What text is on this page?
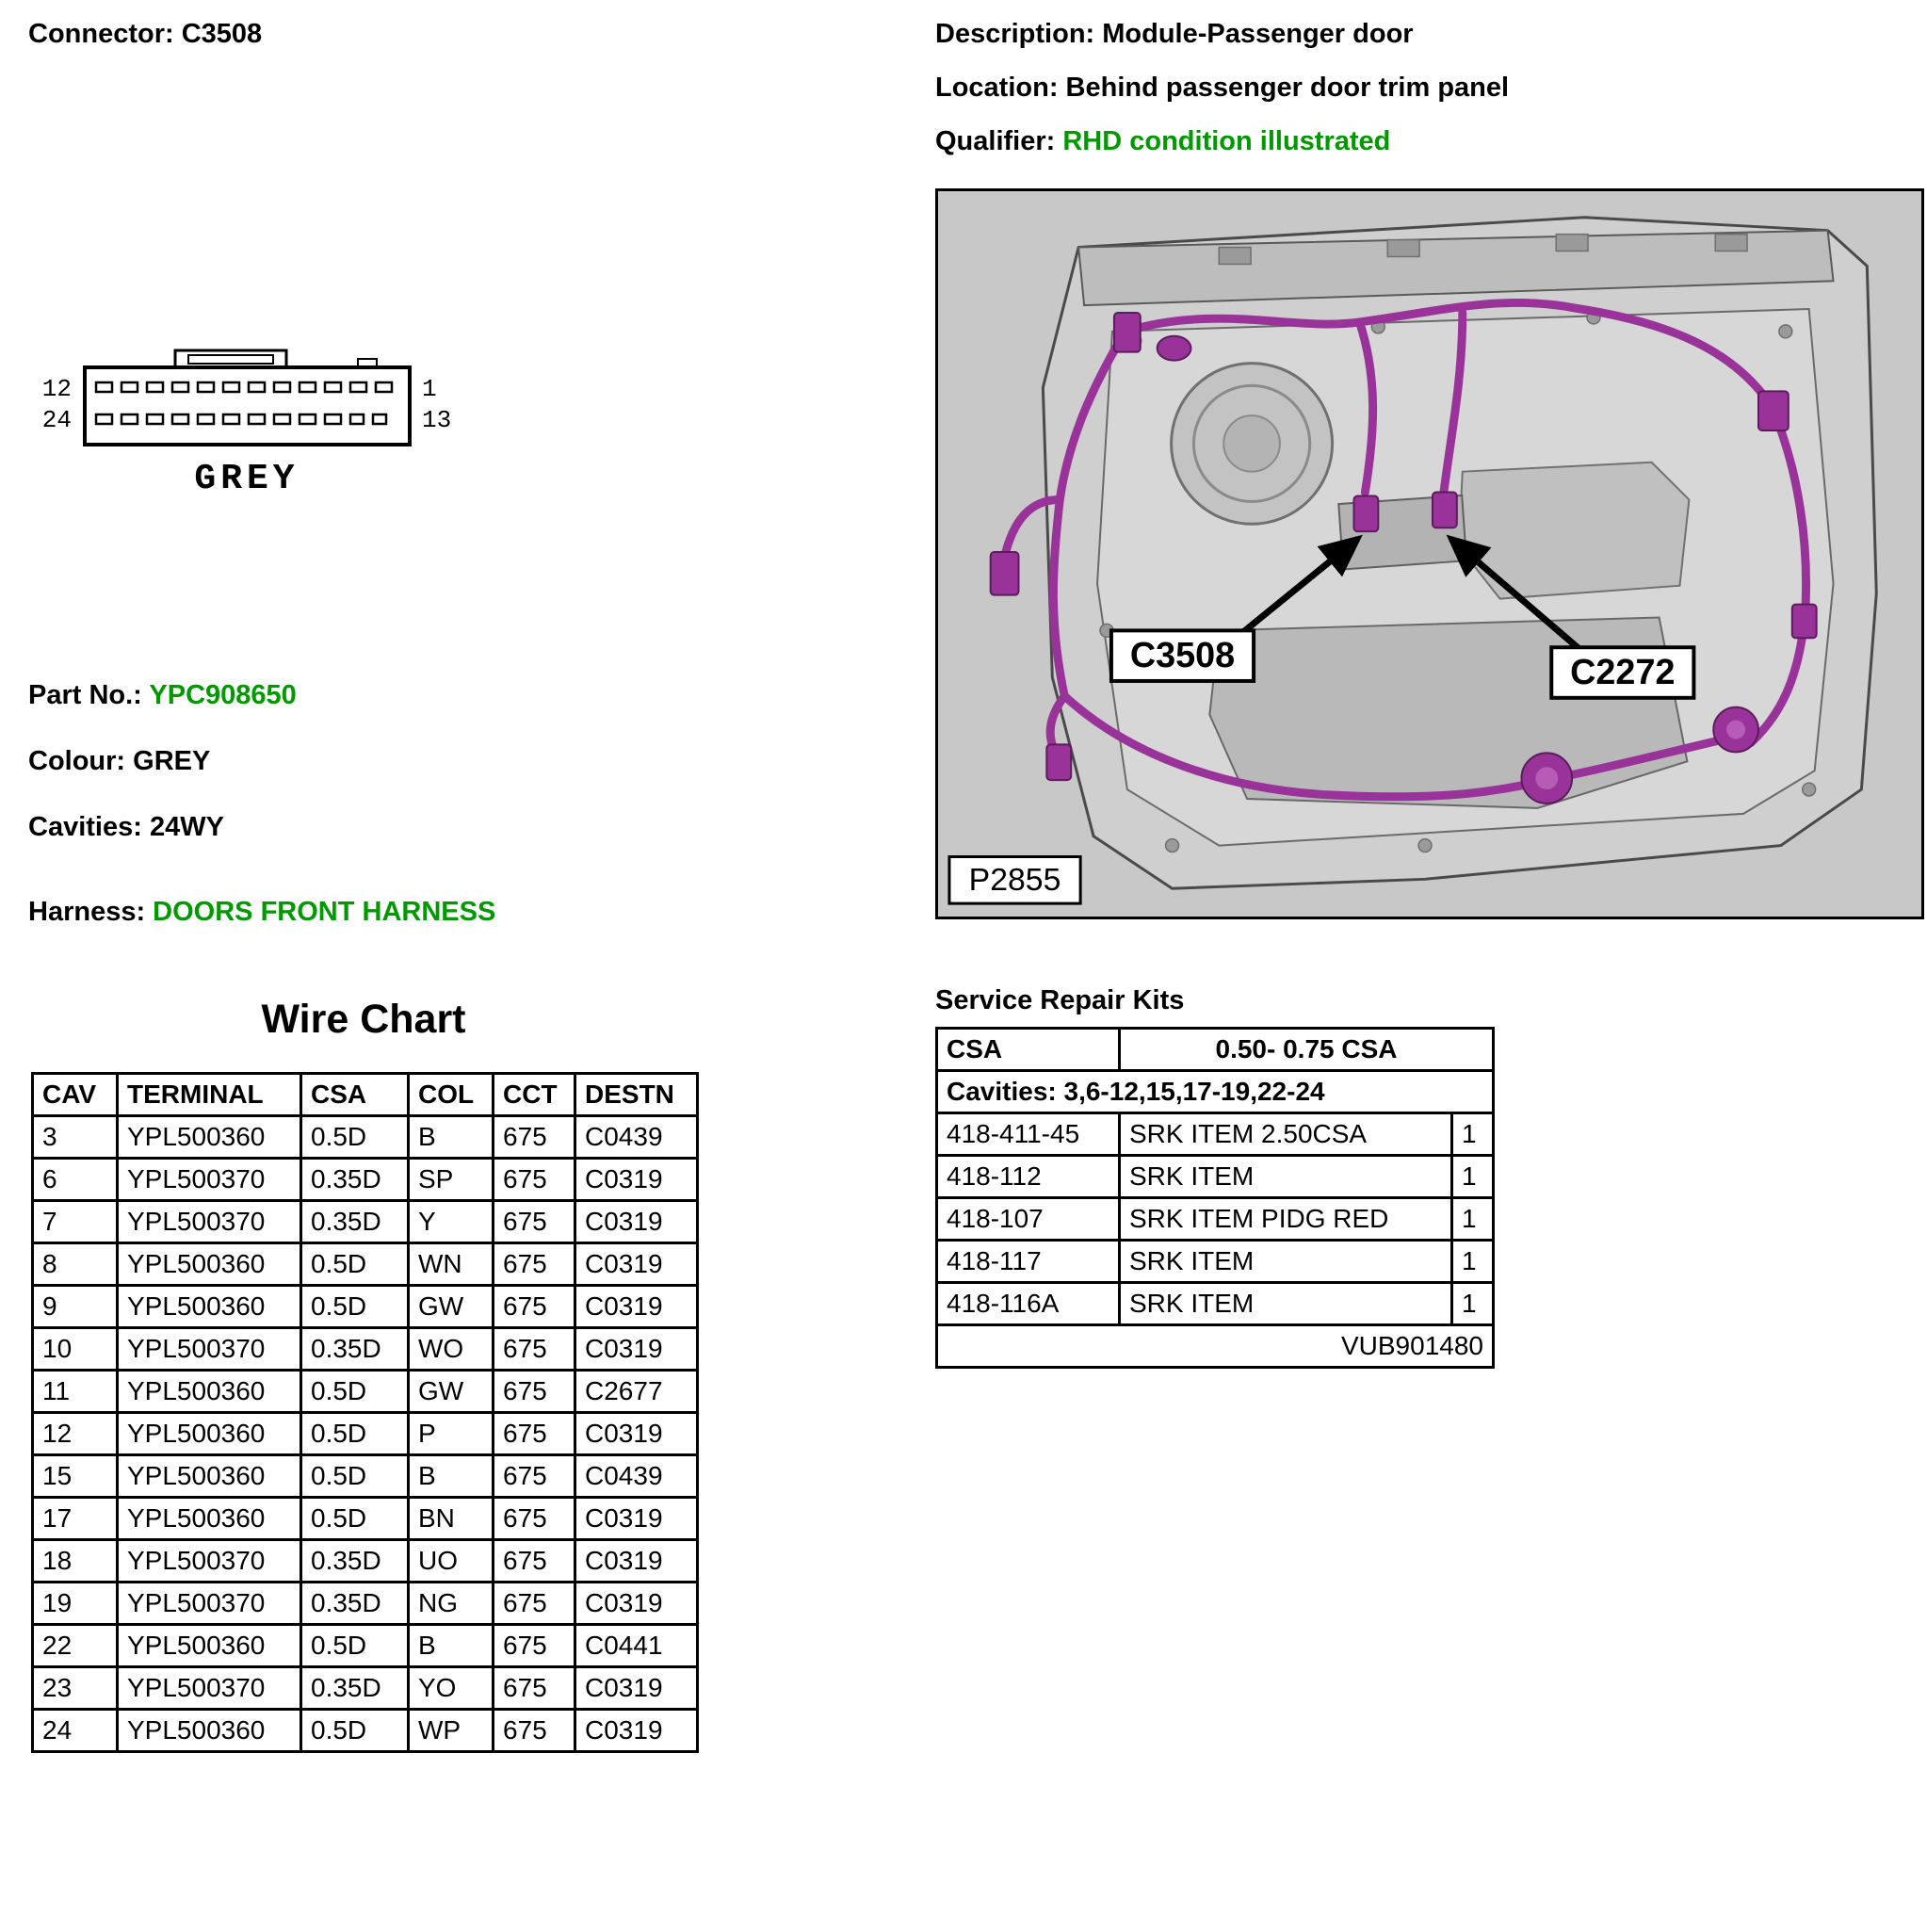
Connector: C3508	Description: Module-Passenger door
Location: Behind passenger door trim panel
Qualifier: RHD condition illustrated
12
24
1
13
GREY
Part No.: YPC908650
Colour: GREY
Cavities: 24WY
Harness: DOORS FRONT HARNESS
C3508	C2272
P2855
Wire Chart
CAV	TERMINAL	CSA	COL	CCT	DESTN
3	YPL500360	0.5D	B	675	C0439
6	YPL500370	0.35D	SP	675	C0319
7	YPL500370	0.35D	Y	675	C0319
8	YPL500360	0.5D	WN	675	C0319
9	YPL500360	0.5D	GW	675	C0319
10	YPL500370	0.35D	WO	675	C0319
11	YPL500360	0.5D	GW	675	C2677
12	YPL500360	0.5D	P	675	C0319
15	YPL500360	0.5D	B	675	C0439
17	YPL500360	0.5D	BN	675	C0319
18	YPL500370	0.35D	UO	675	C0319
19	YPL500370	0.35D	NG	675	C0319
22	YPL500360	0.5D	B	675	C0441
23	YPL500370	0.35D	YO	675	C0319
24	YPL500360	0.5D	WP	675	C0319
Service Repair Kits
CSA	0.50- 0.75 CSA	
Cavities: 3,6-12,15,17-19,22-24		
418-411-45	SRK ITEM 2.50CSA	1
418-112	SRK ITEM	1
418-107	SRK ITEM PIDG RED	1
418-117	SRK ITEM	1
418-116A	SRK ITEM	1
VUB901480		
